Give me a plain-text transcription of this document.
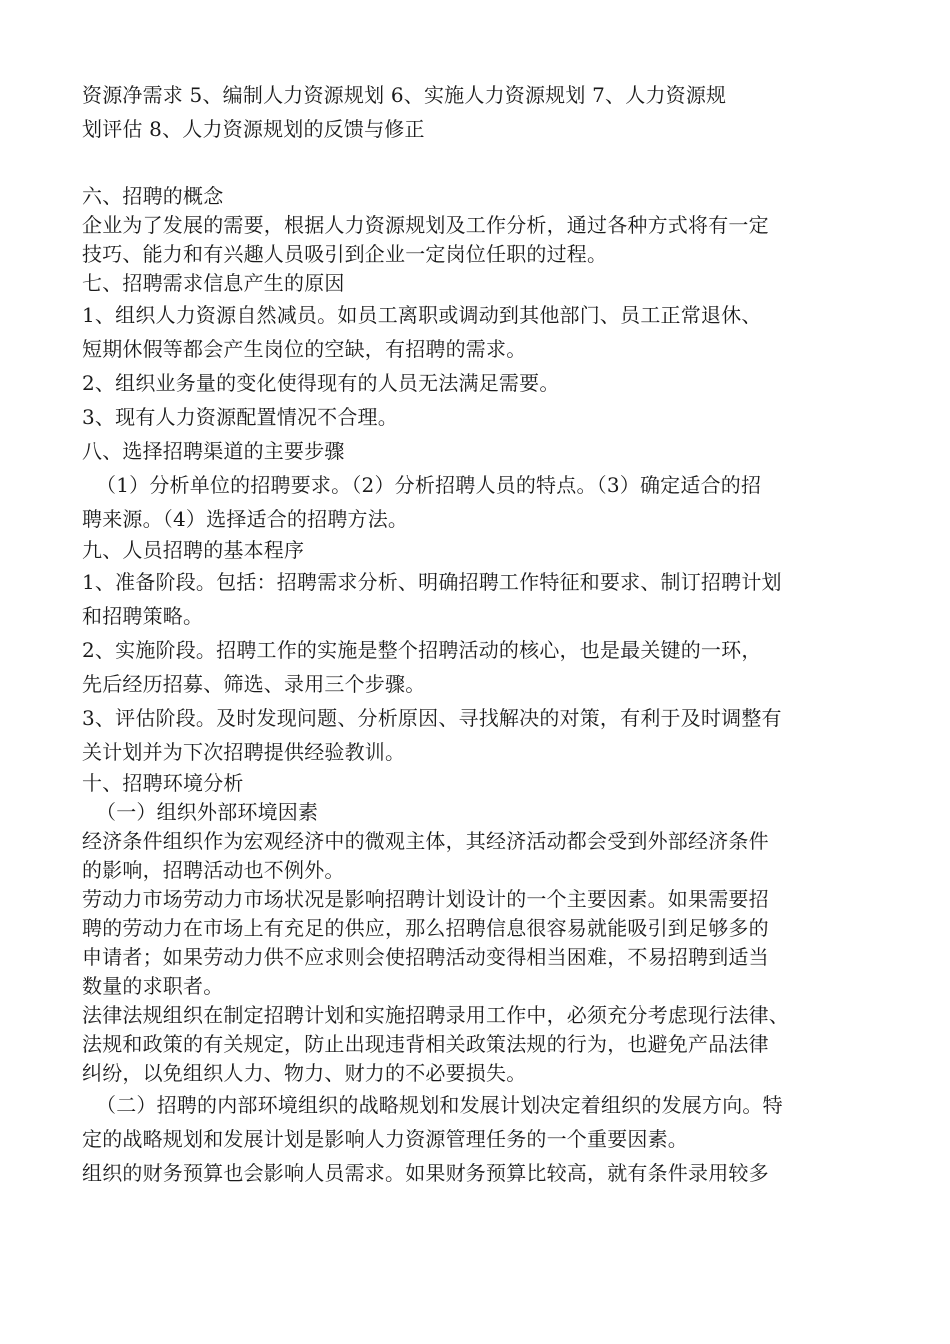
资源净需求 5、编制人力资源规划 6、实施人力资源规划 7、人力资源规
划评估 8、人力资源规划的反馈与修正
六、招聘的概念
企业为了发展的需要，根据人力资源规划及工作分析，通过各种方式将有一定
技巧、能力和有兴趣人员吸引到企业一定岗位任职的过程。
七、招聘需求信息产生的原因
1、组织人力资源自然减员。如员工离职或调动到其他部门、员工正常退休、
短期休假等都会产生岗位的空缺，有招聘的需求。
2、组织业务量的变化使得现有的人员无法满足需要。
3、现有人力资源配置情况不合理。
八、选择招聘渠道的主要步骤
（1）分析单位的招聘要求。（2）分析招聘人员的特点。（3）确定适合的招
聘来源。（4）选择适合的招聘方法。
九、人员招聘的基本程序
1、准备阶段。包括：招聘需求分析、明确招聘工作特征和要求、制订招聘计划
和招聘策略。
2、实施阶段。招聘工作的实施是整个招聘活动的核心，也是最关键的一环，
先后经历招募、筛选、录用三个步骤。
3、评估阶段。及时发现问题、分析原因、寻找解决的对策，有利于及时调整有
关计划并为下次招聘提供经验教训。
十、招聘环境分析
（一）组织外部环境因素
经济条件组织作为宏观经济中的微观主体，其经济活动都会受到外部经济条件
的影响，招聘活动也不例外。
劳动力市场劳动力市场状况是影响招聘计划设计的一个主要因素。如果需要招
聘的劳动力在市场上有充足的供应，那么招聘信息很容易就能吸引到足够多的
申请者；如果劳动力供不应求则会使招聘活动变得相当困难，不易招聘到适当
数量的求职者。
法律法规组织在制定招聘计划和实施招聘录用工作中，必须充分考虑现行法律、
法规和政策的有关规定，防止出现违背相关政策法规的行为，也避免产品法律
纠纷，以免组织人力、物力、财力的不必要损失。
（二）招聘的内部环境组织的战略规划和发展计划决定着组织的发展方向。特
定的战略规划和发展计划是影响人力资源管理任务的一个重要因素。
组织的财务预算也会影响人员需求。如果财务预算比较高，就有条件录用较多
